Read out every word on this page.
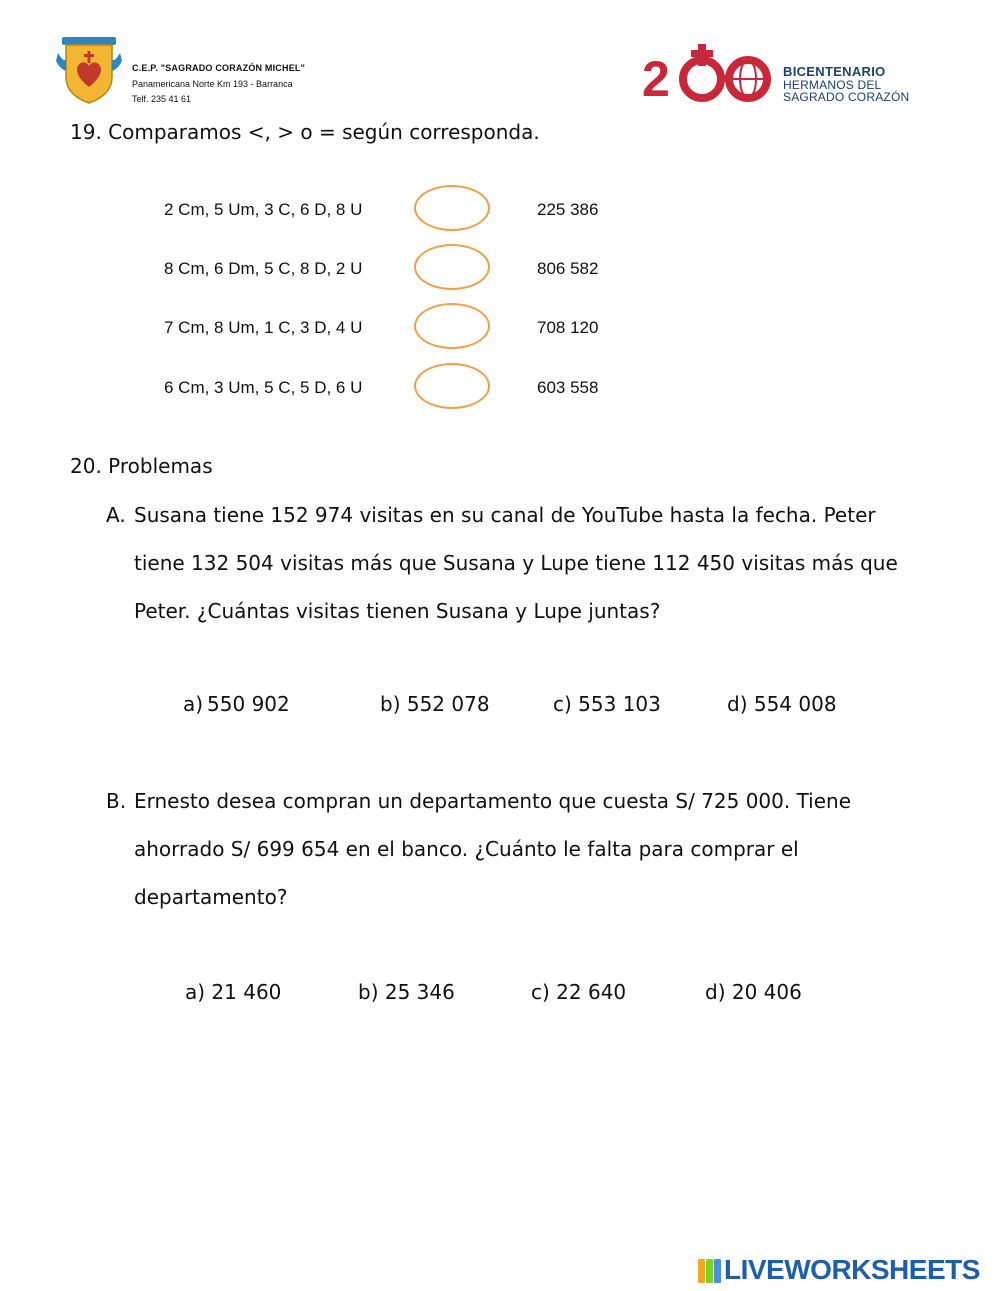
C.E.P. "SAGRADO CORAZÓN MICHEL"
Panamericana Norte Km 193 - Barranca
Telf. 235 41 61	2	BICENTENARIO
HERMANOS DEL
SAGRADO CORAZÓN
19. Comparamos <, > o = según corresponda.
2 Cm, 5 Um, 3 C, 6 D, 8 U	225 386
8 Cm, 6 Dm, 5 C, 8 D, 2 U	806 582
7 Cm, 8 Um, 1 C, 3 D, 4 U	708 120
6 Cm, 3 Um, 5 C, 5 D, 6 U	603 558
20. Problemas
A. Susana tiene 152 974 visitas en su canal de YouTube hasta la fecha. Peter
tiene 132 504 visitas más que Susana y Lupe tiene 112 450 visitas más que
Peter. ¿Cuántas visitas tienen Susana y Lupe juntas?
a) 550 902	b) 552 078	c) 553 103	d) 554 008
B. Ernesto desea compran un departamento que cuesta S/ 725 000. Tiene
ahorrado S/ 699 654 en el banco. ¿Cuánto le falta para comprar el
departamento?
a) 21 460	b) 25 346	c) 22 640	d) 20 406
LIVEWORKSHEETS
